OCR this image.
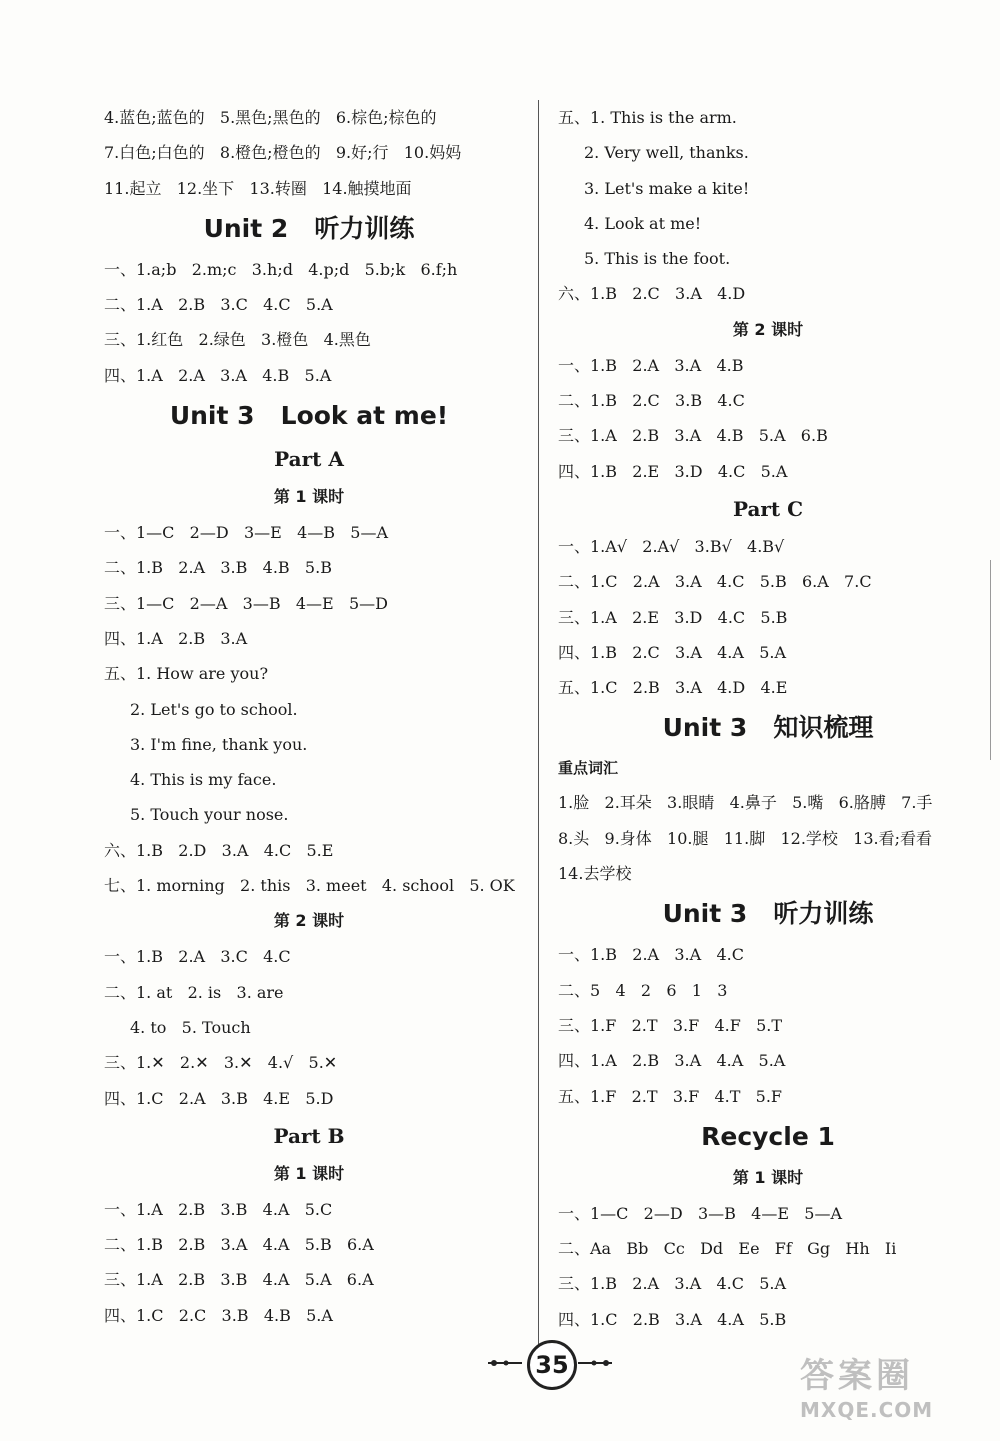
4.蓝色;蓝色的   5.黑色;黑色的   6.棕色;棕色的
7.白色;白色的   8.橙色;橙色的   9.好;行   10.妈妈
11.起立   12.坐下   13.转圈   14.触摸地面
Unit 2   听力训练
一、1.a;b   2.m;c   3.h;d   4.p;d   5.b;k   6.f;h
二、1.A   2.B   3.C   4.C   5.A
三、1.红色   2.绿色   3.橙色   4.黑色
四、1.A   2.A   3.A   4.B   5.A
Unit 3   Look at me!
Part A
第 1 课时
一、1—C   2—D   3—E   4—B   5—A
二、1.B   2.A   3.B   4.B   5.B
三、1—C   2—A   3—B   4—E   5—D
四、1.A   2.B   3.A
五、1. How are you?
2. Let's go to school.
3. I'm fine, thank you.
4. This is my face.
5. Touch your nose.
六、1.B   2.D   3.A   4.C   5.E
七、1. morning   2. this   3. meet   4. school   5. OK
第 2 课时
一、1.B   2.A   3.C   4.C
二、1. at   2. is   3. are
4. to   5. Touch
三、1.✕   2.✕   3.✕   4.√   5.✕
四、1.C   2.A   3.B   4.E   5.D
Part B
第 1 课时
一、1.A   2.B   3.B   4.A   5.C
二、1.B   2.B   3.A   4.A   5.B   6.A
三、1.A   2.B   3.B   4.A   5.A   6.A
四、1.C   2.C   3.B   4.B   5.A
五、1. This is the arm.
2. Very well, thanks.
3. Let's make a kite!
4. Look at me!
5. This is the foot.
六、1.B   2.C   3.A   4.D
第 2 课时
一、1.B   2.A   3.A   4.B
二、1.B   2.C   3.B   4.C
三、1.A   2.B   3.A   4.B   5.A   6.B
四、1.B   2.E   3.D   4.C   5.A
Part C
一、1.A√   2.A√   3.B√   4.B√
二、1.C   2.A   3.A   4.C   5.B   6.A   7.C
三、1.A   2.E   3.D   4.C   5.B
四、1.B   2.C   3.A   4.A   5.A
五、1.C   2.B   3.A   4.D   4.E
Unit 3   知识梳理
重点词汇
1.脸   2.耳朵   3.眼睛   4.鼻子   5.嘴   6.胳膊   7.手
8.头   9.身体   10.腿   11.脚   12.学校   13.看;看看
14.去学校
Unit 3   听力训练
一、1.B   2.A   3.A   4.C
二、5   4   2   6   1   3
三、1.F   2.T   3.F   4.F   5.T
四、1.A   2.B   3.A   4.A   5.A
五、1.F   2.T   3.F   4.T   5.F
Recycle 1
第 1 课时
一、1—C   2—D   3—B   4—E   5—A
二、Aa   Bb   Cc   Dd   Ee   Ff   Gg   Hh   Ii
三、1.B   2.A   3.A   4.C   5.A
四、1.C   2.B   3.A   4.A   5.B
35	答案圈
MXQE.COM
